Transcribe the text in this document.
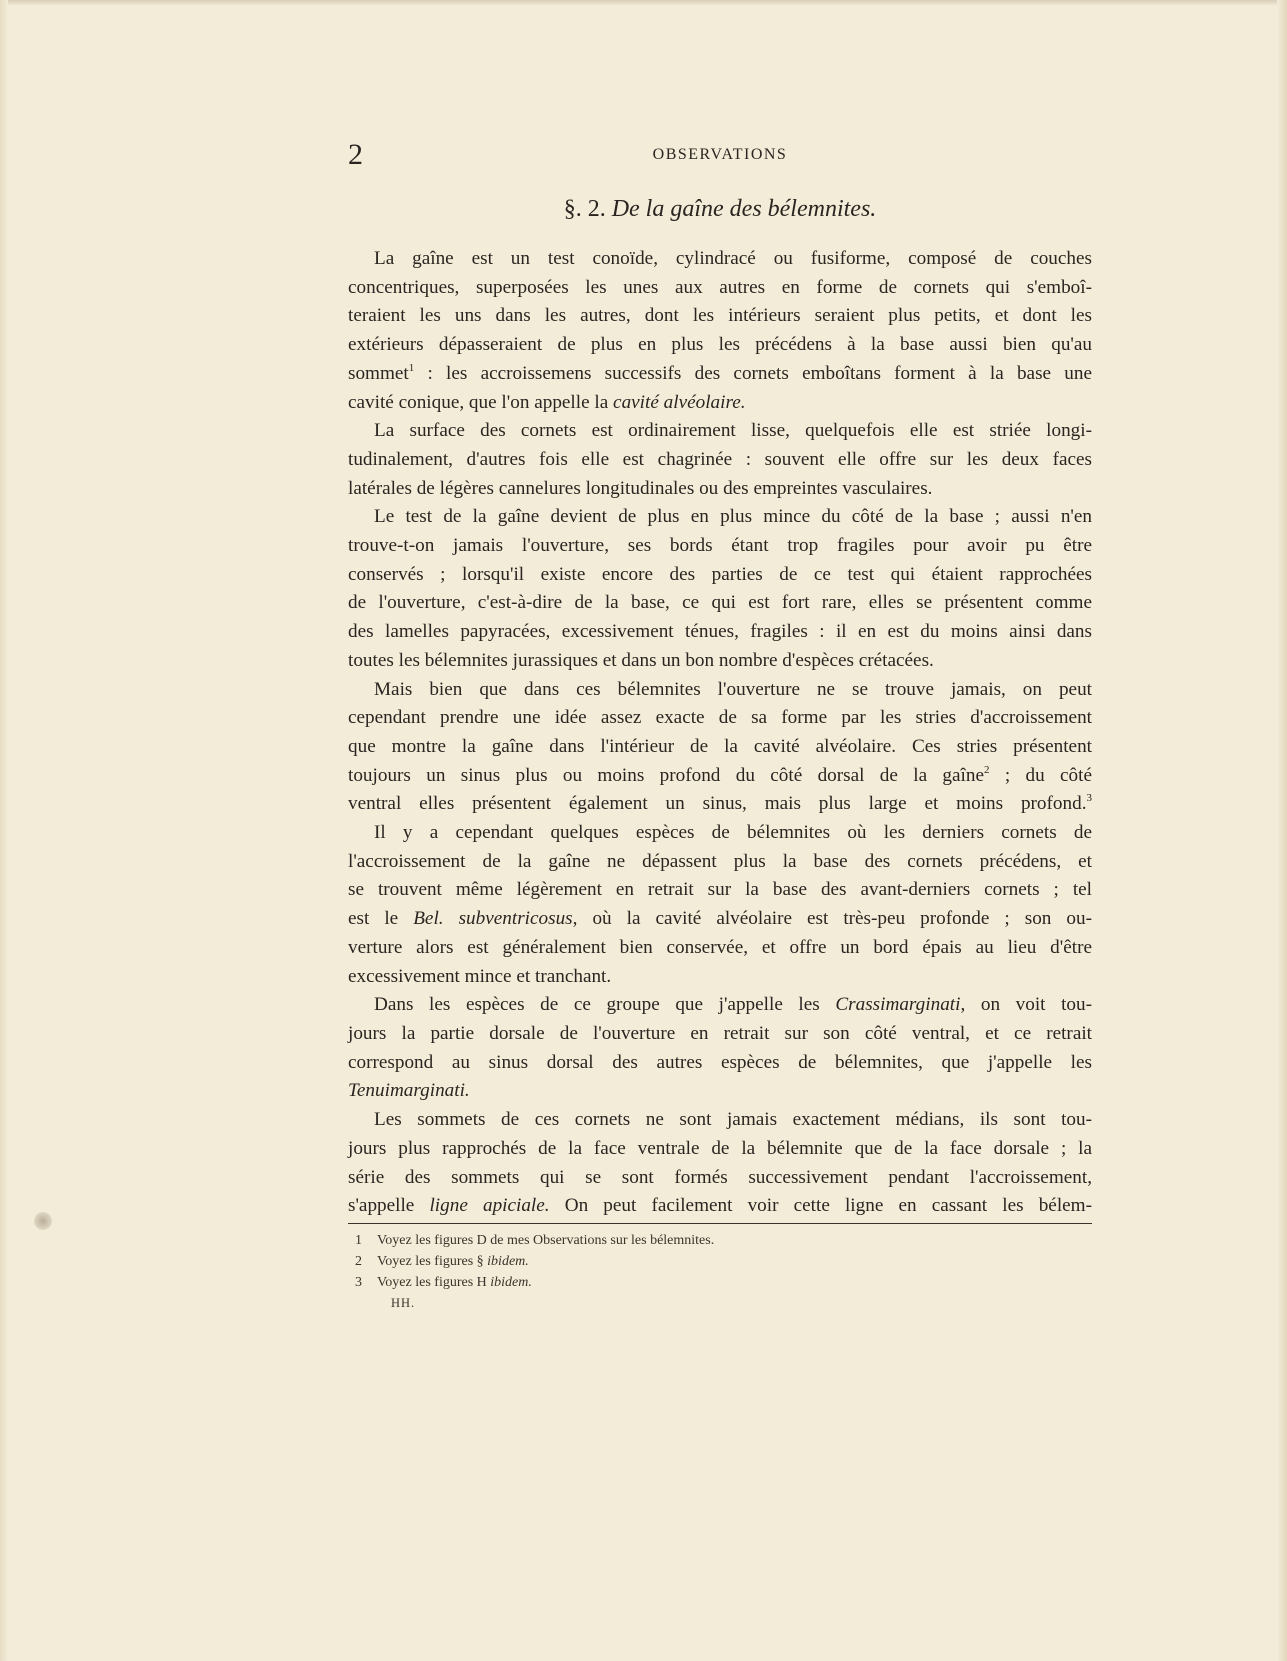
2	OBSERVATIONS
§. 2. De la gaîne des bélemnites.
La gaîne est un test conoïde, cylindracé ou fusiforme, composé de couches
concentriques, superposées les unes aux autres en forme de cornets qui s'emboî-
teraient les uns dans les autres, dont les intérieurs seraient plus petits, et dont les
extérieurs dépasseraient de plus en plus les précédens à la base aussi bien qu'au
sommet$^1$ : les accroissemens successifs des cornets emboîtans forment à la base une
cavité conique, que l'on appelle la cavité alvéolaire.
La surface des cornets est ordinairement lisse, quelquefois elle est striée longi-
tudinalement, d'autres fois elle est chagrinée : souvent elle offre sur les deux faces
latérales de légères cannelures longitudinales ou des empreintes vasculaires.
Le test de la gaîne devient de plus en plus mince du côté de la base ; aussi n'en
trouve-t-on jamais l'ouverture, ses bords étant trop fragiles pour avoir pu être
conservés ; lorsqu'il existe encore des parties de ce test qui étaient rapprochées
de l'ouverture, c'est-à-dire de la base, ce qui est fort rare, elles se présentent comme
des lamelles papyracées, excessivement ténues, fragiles : il en est du moins ainsi dans
toutes les bélemnites jurassiques et dans un bon nombre d'espèces crétacées.
Mais bien que dans ces bélemnites l'ouverture ne se trouve jamais, on peut
cependant prendre une idée assez exacte de sa forme par les stries d'accroissement
que montre la gaîne dans l'intérieur de la cavité alvéolaire. Ces stries présentent
toujours un sinus plus ou moins profond du côté dorsal de la gaîne$^2$ ; du côté
ventral elles présentent également un sinus, mais plus large et moins profond.$^3$
Il y a cependant quelques espèces de bélemnites où les derniers cornets de
l'accroissement de la gaîne ne dépassent plus la base des cornets précédens, et
se trouvent même légèrement en retrait sur la base des avant-derniers cornets ; tel
est le Bel. subventricosus, où la cavité alvéolaire est très-peu profonde ; son ou-
verture alors est généralement bien conservée, et offre un bord épais au lieu d'être
excessivement mince et tranchant.
Dans les espèces de ce groupe que j'appelle les Crassimarginati, on voit tou-
jours la partie dorsale de l'ouverture en retrait sur son côté ventral, et ce retrait
correspond au sinus dorsal des autres espèces de bélemnites, que j'appelle les
Tenuimarginati.
Les sommets de ces cornets ne sont jamais exactement médians, ils sont tou-
jours plus rapprochés de la face ventrale de la bélemnite que de la face dorsale ; la
série des sommets qui se sont formés successivement pendant l'accroissement,
s'appelle ligne apiciale. On peut facilement voir cette ligne en cassant les bélem-
1 Voyez les figures D de mes Observations sur les bélemnites.
2 Voyez les figures § ibidem.
3 Voyez les figures H ibidem.
HH.
